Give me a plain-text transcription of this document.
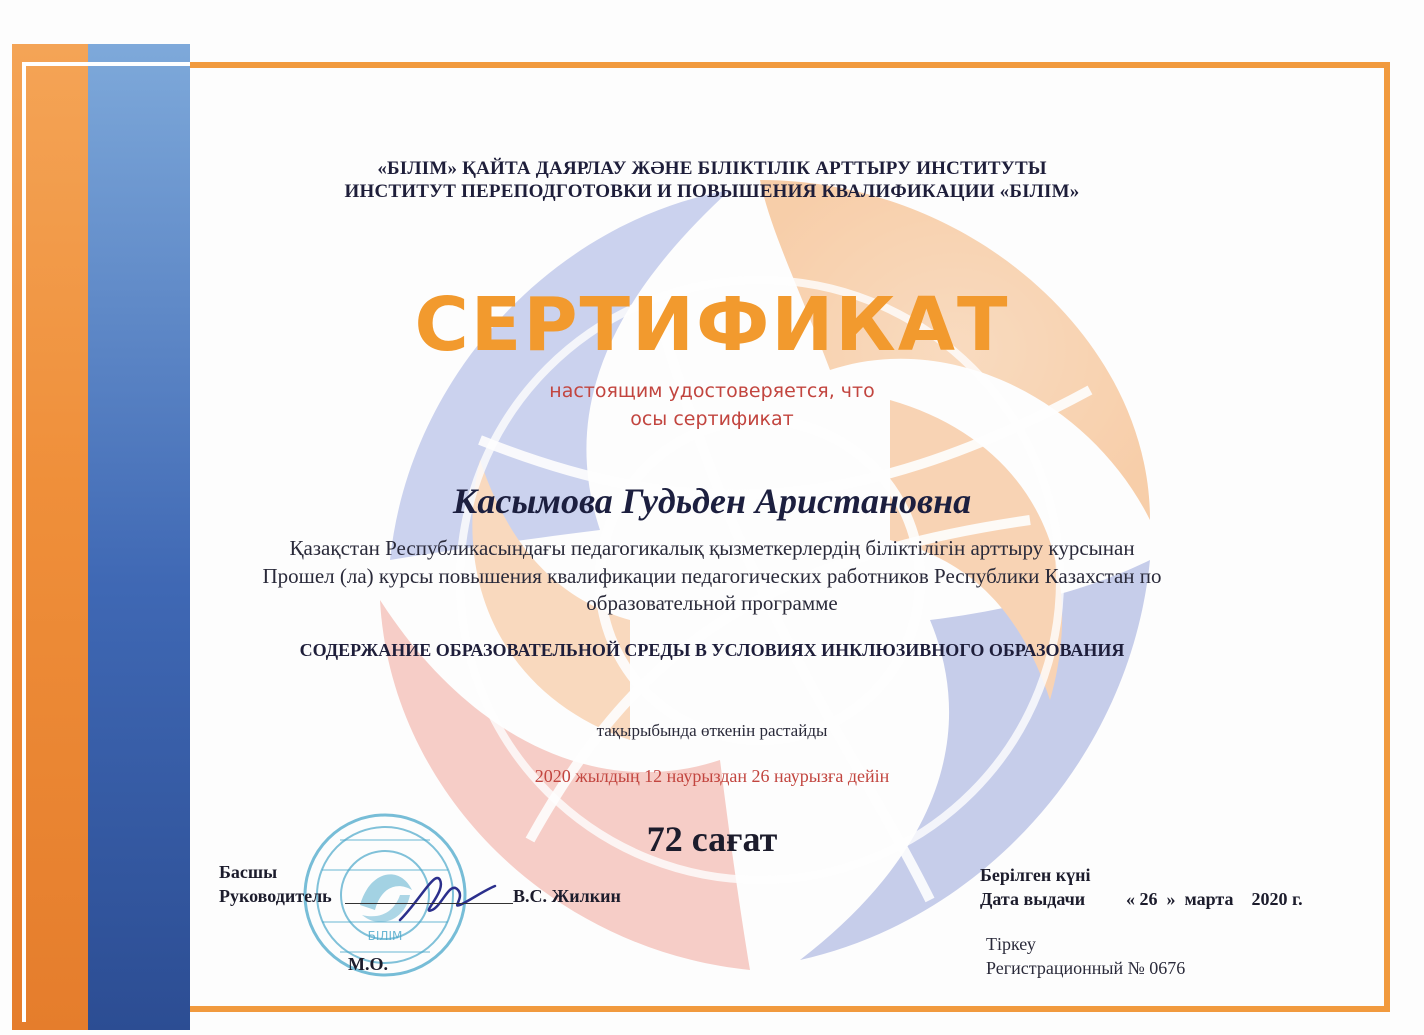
«БІЛІМ» ҚАЙТА ДАЯРЛАУ ЖӘНЕ БІЛІКТІЛІК АРТТЫРУ ИНСТИТУТЫ

ИНСТИТУТ ПЕРЕПОДГОТОВКИ И ПОВЫШЕНИЯ КВАЛИФИКАЦИИ «БІЛІМ»

СЕРТИФИКАТ

настоящим удостоверяется, что

осы сертификат

Касымова Гудьден Аристановна

Қазақстан Республикасындағы педагогикалық қызметкерлердің біліктілігін арттыру курсынан

Прошел (ла) курсы повышения квалификации педагогических работников Республики Казахстан по

образовательной программе

СОДЕРЖАНИЕ ОБРАЗОВАТЕЛЬНОЙ СРЕДЫ В УСЛОВИЯХ ИНКЛЮЗИВНОГО ОБРАЗОВАНИЯ

тақырыбында өткенін растайды

2020 жылдың 12 наурыздан 26 наурызға дейін

72 сағат

БІЛІМ

Басшы

Руководитель	В.С. Жилкин

М.О.

Берілген күні

Дата выдачи « 26  »  марта    2020 г.

Тіркеу

Регистрационный № 0676
